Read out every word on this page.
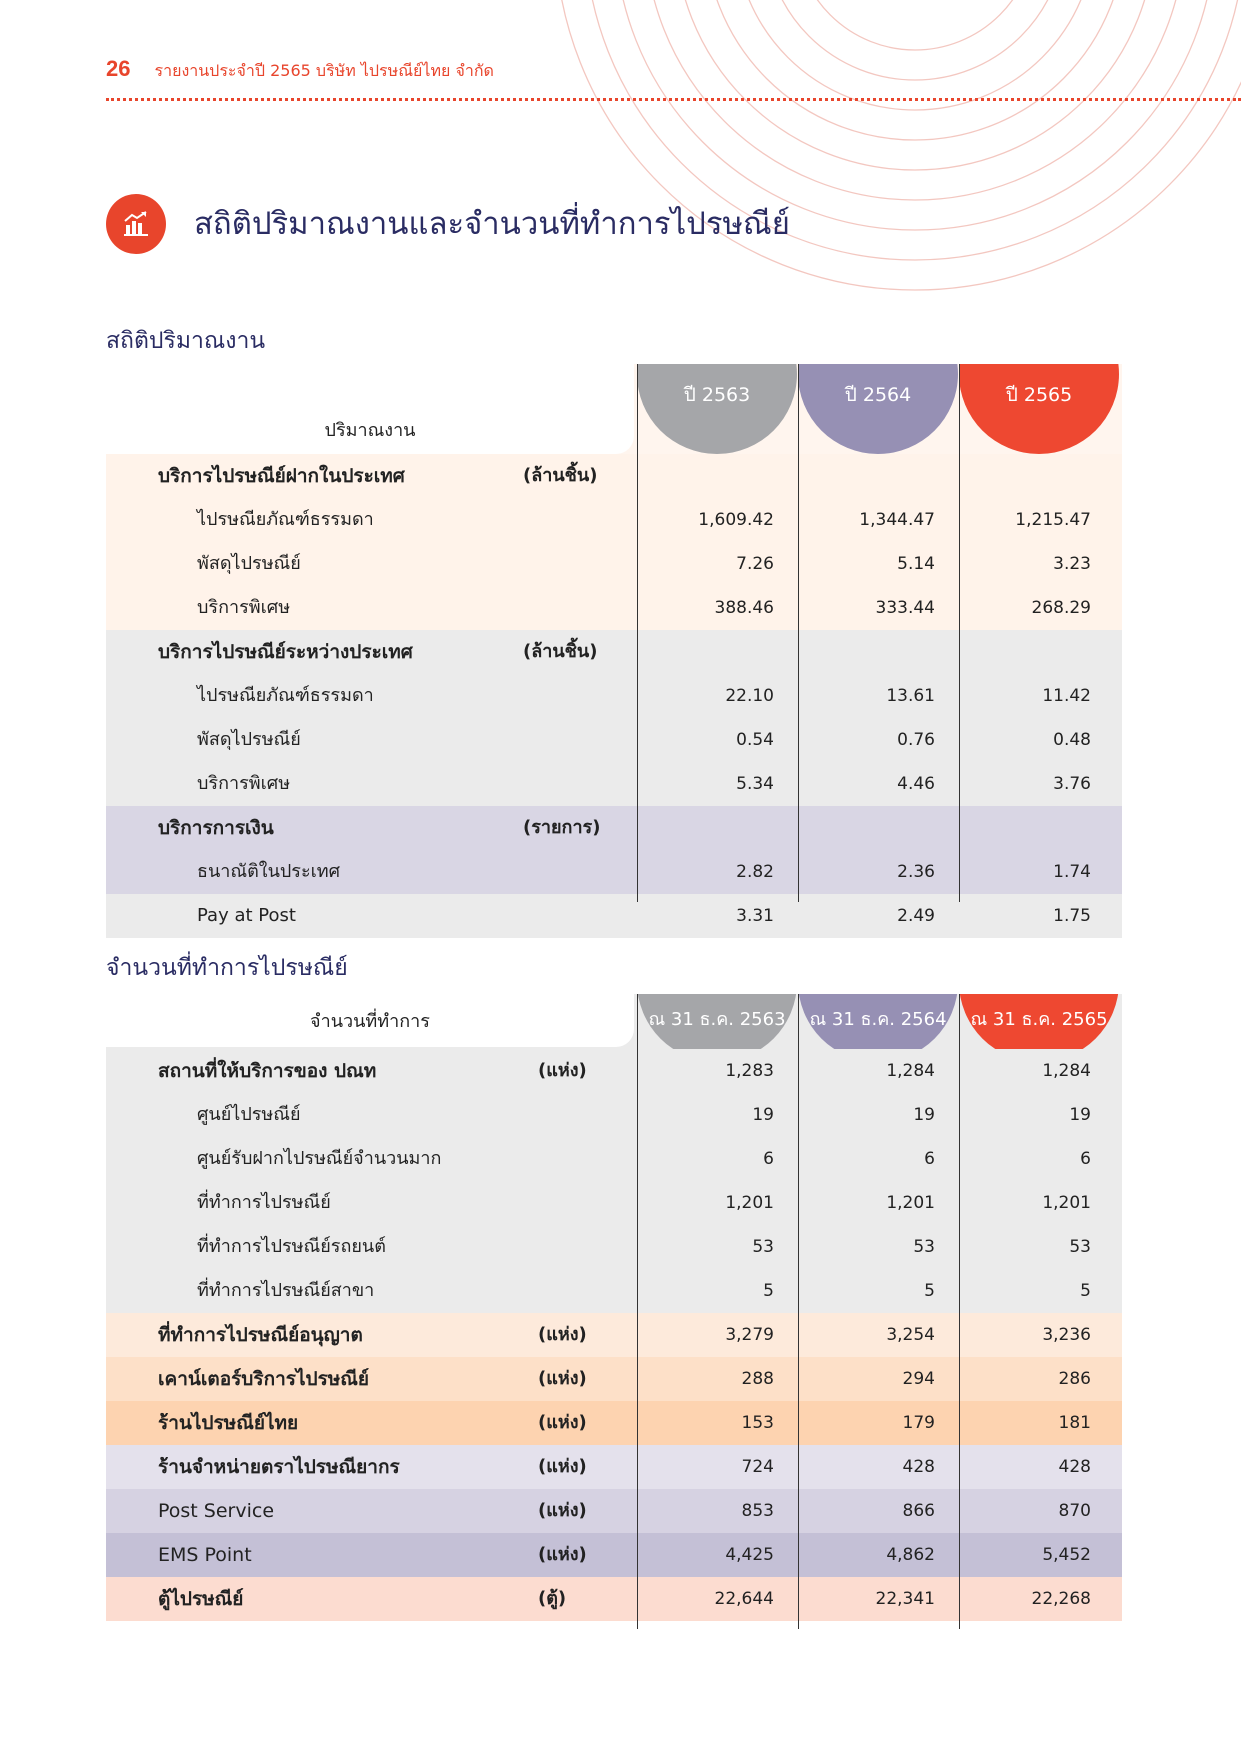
26 รายงานประจำปี 2565 บริษัท ไปรษณีย์ไทย จำกัด
สถิติปริมาณงานและจำนวนที่ทำการไปรษณีย์
สถิติปริมาณงาน
ปริมาณงาน
ปี 2563	ปี 2564	ปี 2565
บริการไปรษณีย์ฝากในประเทศ	(ล้านชิ้น)
ไปรษณียภัณฑ์ธรรมดา	1,609.42	1,344.47	1,215.47
พัสดุไปรษณีย์	7.26	5.14	3.23
บริการพิเศษ	388.46	333.44	268.29
บริการไปรษณีย์ระหว่างประเทศ	(ล้านชิ้น)
ไปรษณียภัณฑ์ธรรมดา	22.10	13.61	11.42
พัสดุไปรษณีย์	0.54	0.76	0.48
บริการพิเศษ	5.34	4.46	3.76
บริการการเงิน	(รายการ)
ธนาณัติในประเทศ	2.82	2.36	1.74
Pay at Post	3.31	2.49	1.75
จำนวนที่ทำการไปรษณีย์
จำนวนที่ทำการ	ณ 31 ธ.ค. 2563	ณ 31 ธ.ค. 2564	ณ 31 ธ.ค. 2565
สถานที่ให้บริการของ ปณท	(แห่ง)	1,283	1,284	1,284
ศูนย์ไปรษณีย์	19	19	19
ศูนย์รับฝากไปรษณีย์จำนวนมาก	6	6	6
ที่ทำการไปรษณีย์	1,201	1,201	1,201
ที่ทำการไปรษณีย์รถยนต์	53	53	53
ที่ทำการไปรษณีย์สาขา	5	5	5
ที่ทำการไปรษณีย์อนุญาต	(แห่ง)	3,279	3,254	3,236
เคาน์เตอร์บริการไปรษณีย์	(แห่ง)	288	294	286
ร้านไปรษณีย์ไทย	(แห่ง)	153	179	181
ร้านจำหน่ายตราไปรษณียากร	(แห่ง)	724	428	428
Post Service	(แห่ง)	853	866	870
EMS Point	(แห่ง)	4,425	4,862	5,452
ตู้ไปรษณีย์	(ตู้)	22,644	22,341	22,268
